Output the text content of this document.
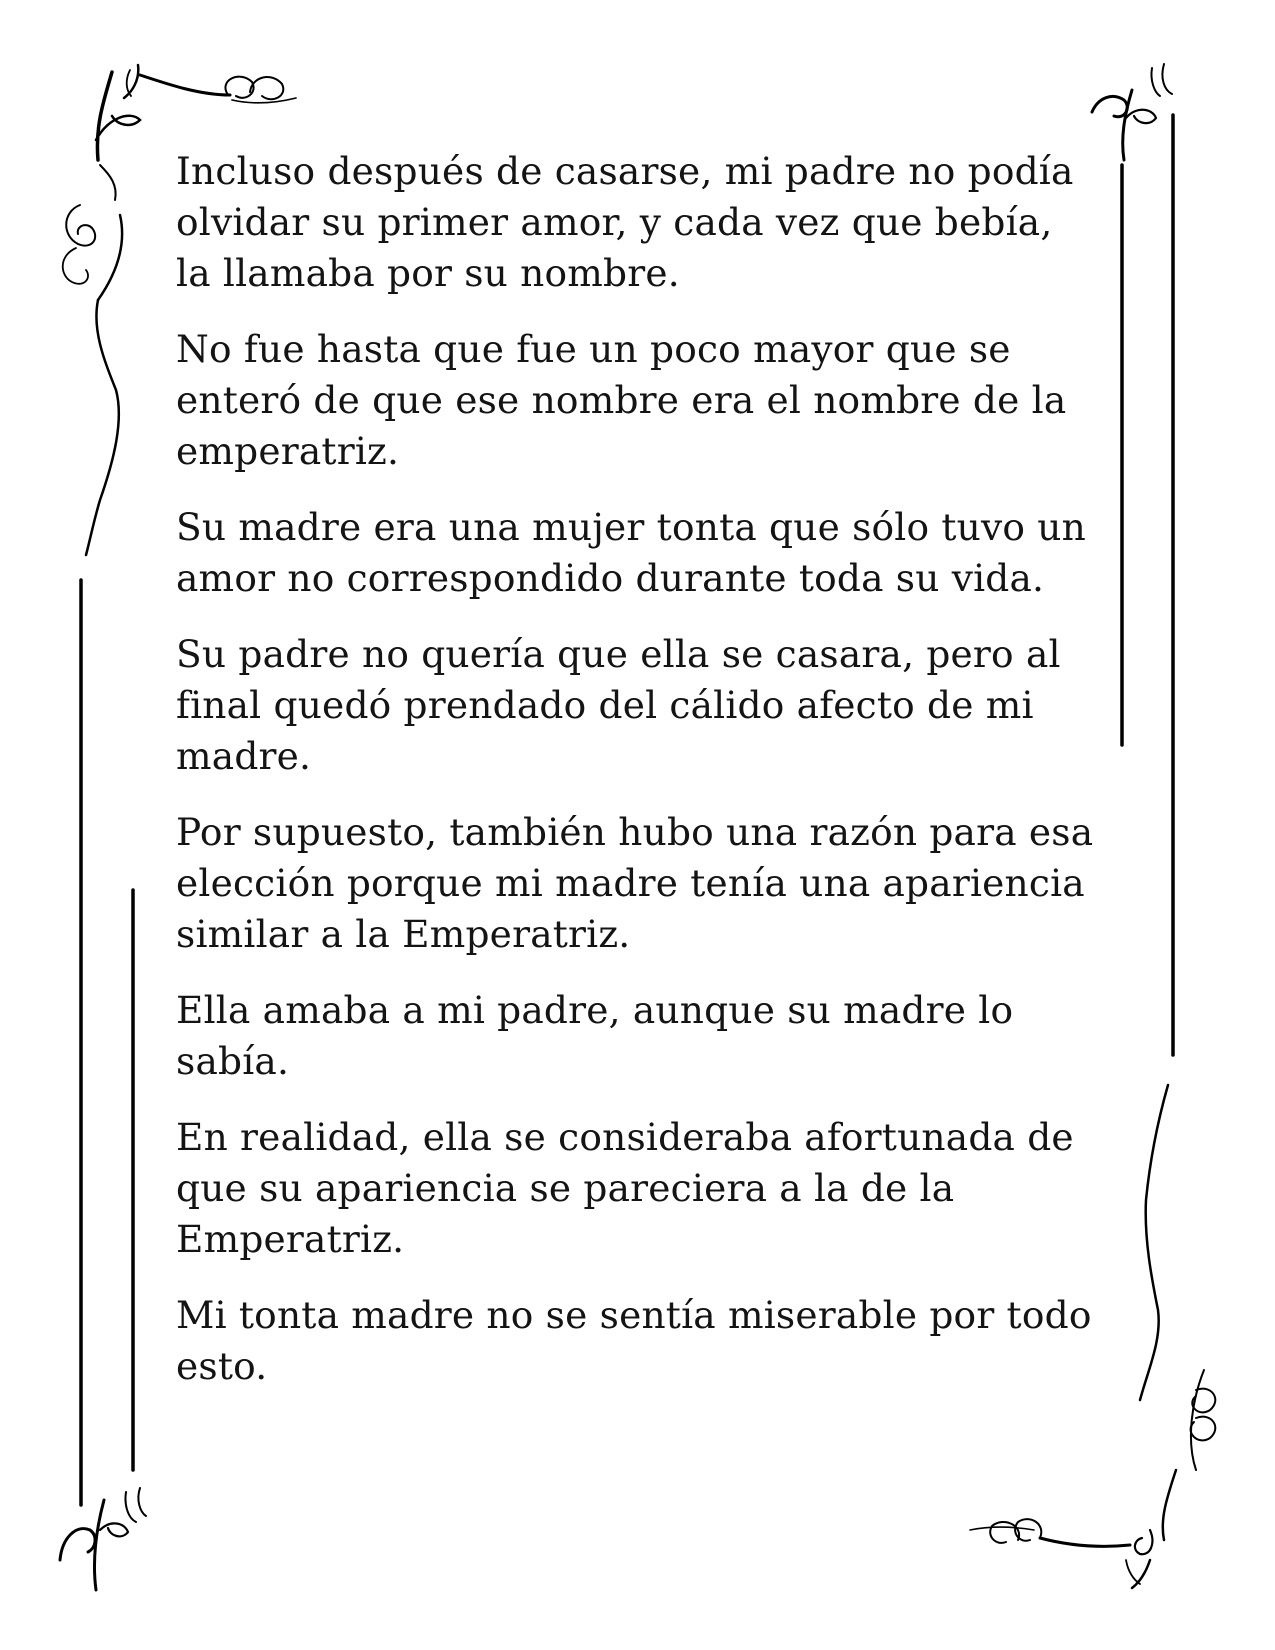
Incluso después de casarse, mi padre no podía
olvidar su primer amor, y cada vez que bebía,
la llamaba por su nombre.

No fue hasta que fue un poco mayor que se
enteró de que ese nombre era el nombre de la
emperatriz.

Su madre era una mujer tonta que sólo tuvo un
amor no correspondido durante toda su vida.

Su padre no quería que ella se casara, pero al
final quedó prendado del cálido afecto de mi
madre.

Por supuesto, también hubo una razón para esa
elección porque mi madre tenía una apariencia
similar a la Emperatriz.

Ella amaba a mi padre, aunque su madre lo
sabía.

En realidad, ella se consideraba afortunada de
que su apariencia se pareciera a la de la
Emperatriz.

Mi tonta madre no se sentía miserable por todo
esto.
